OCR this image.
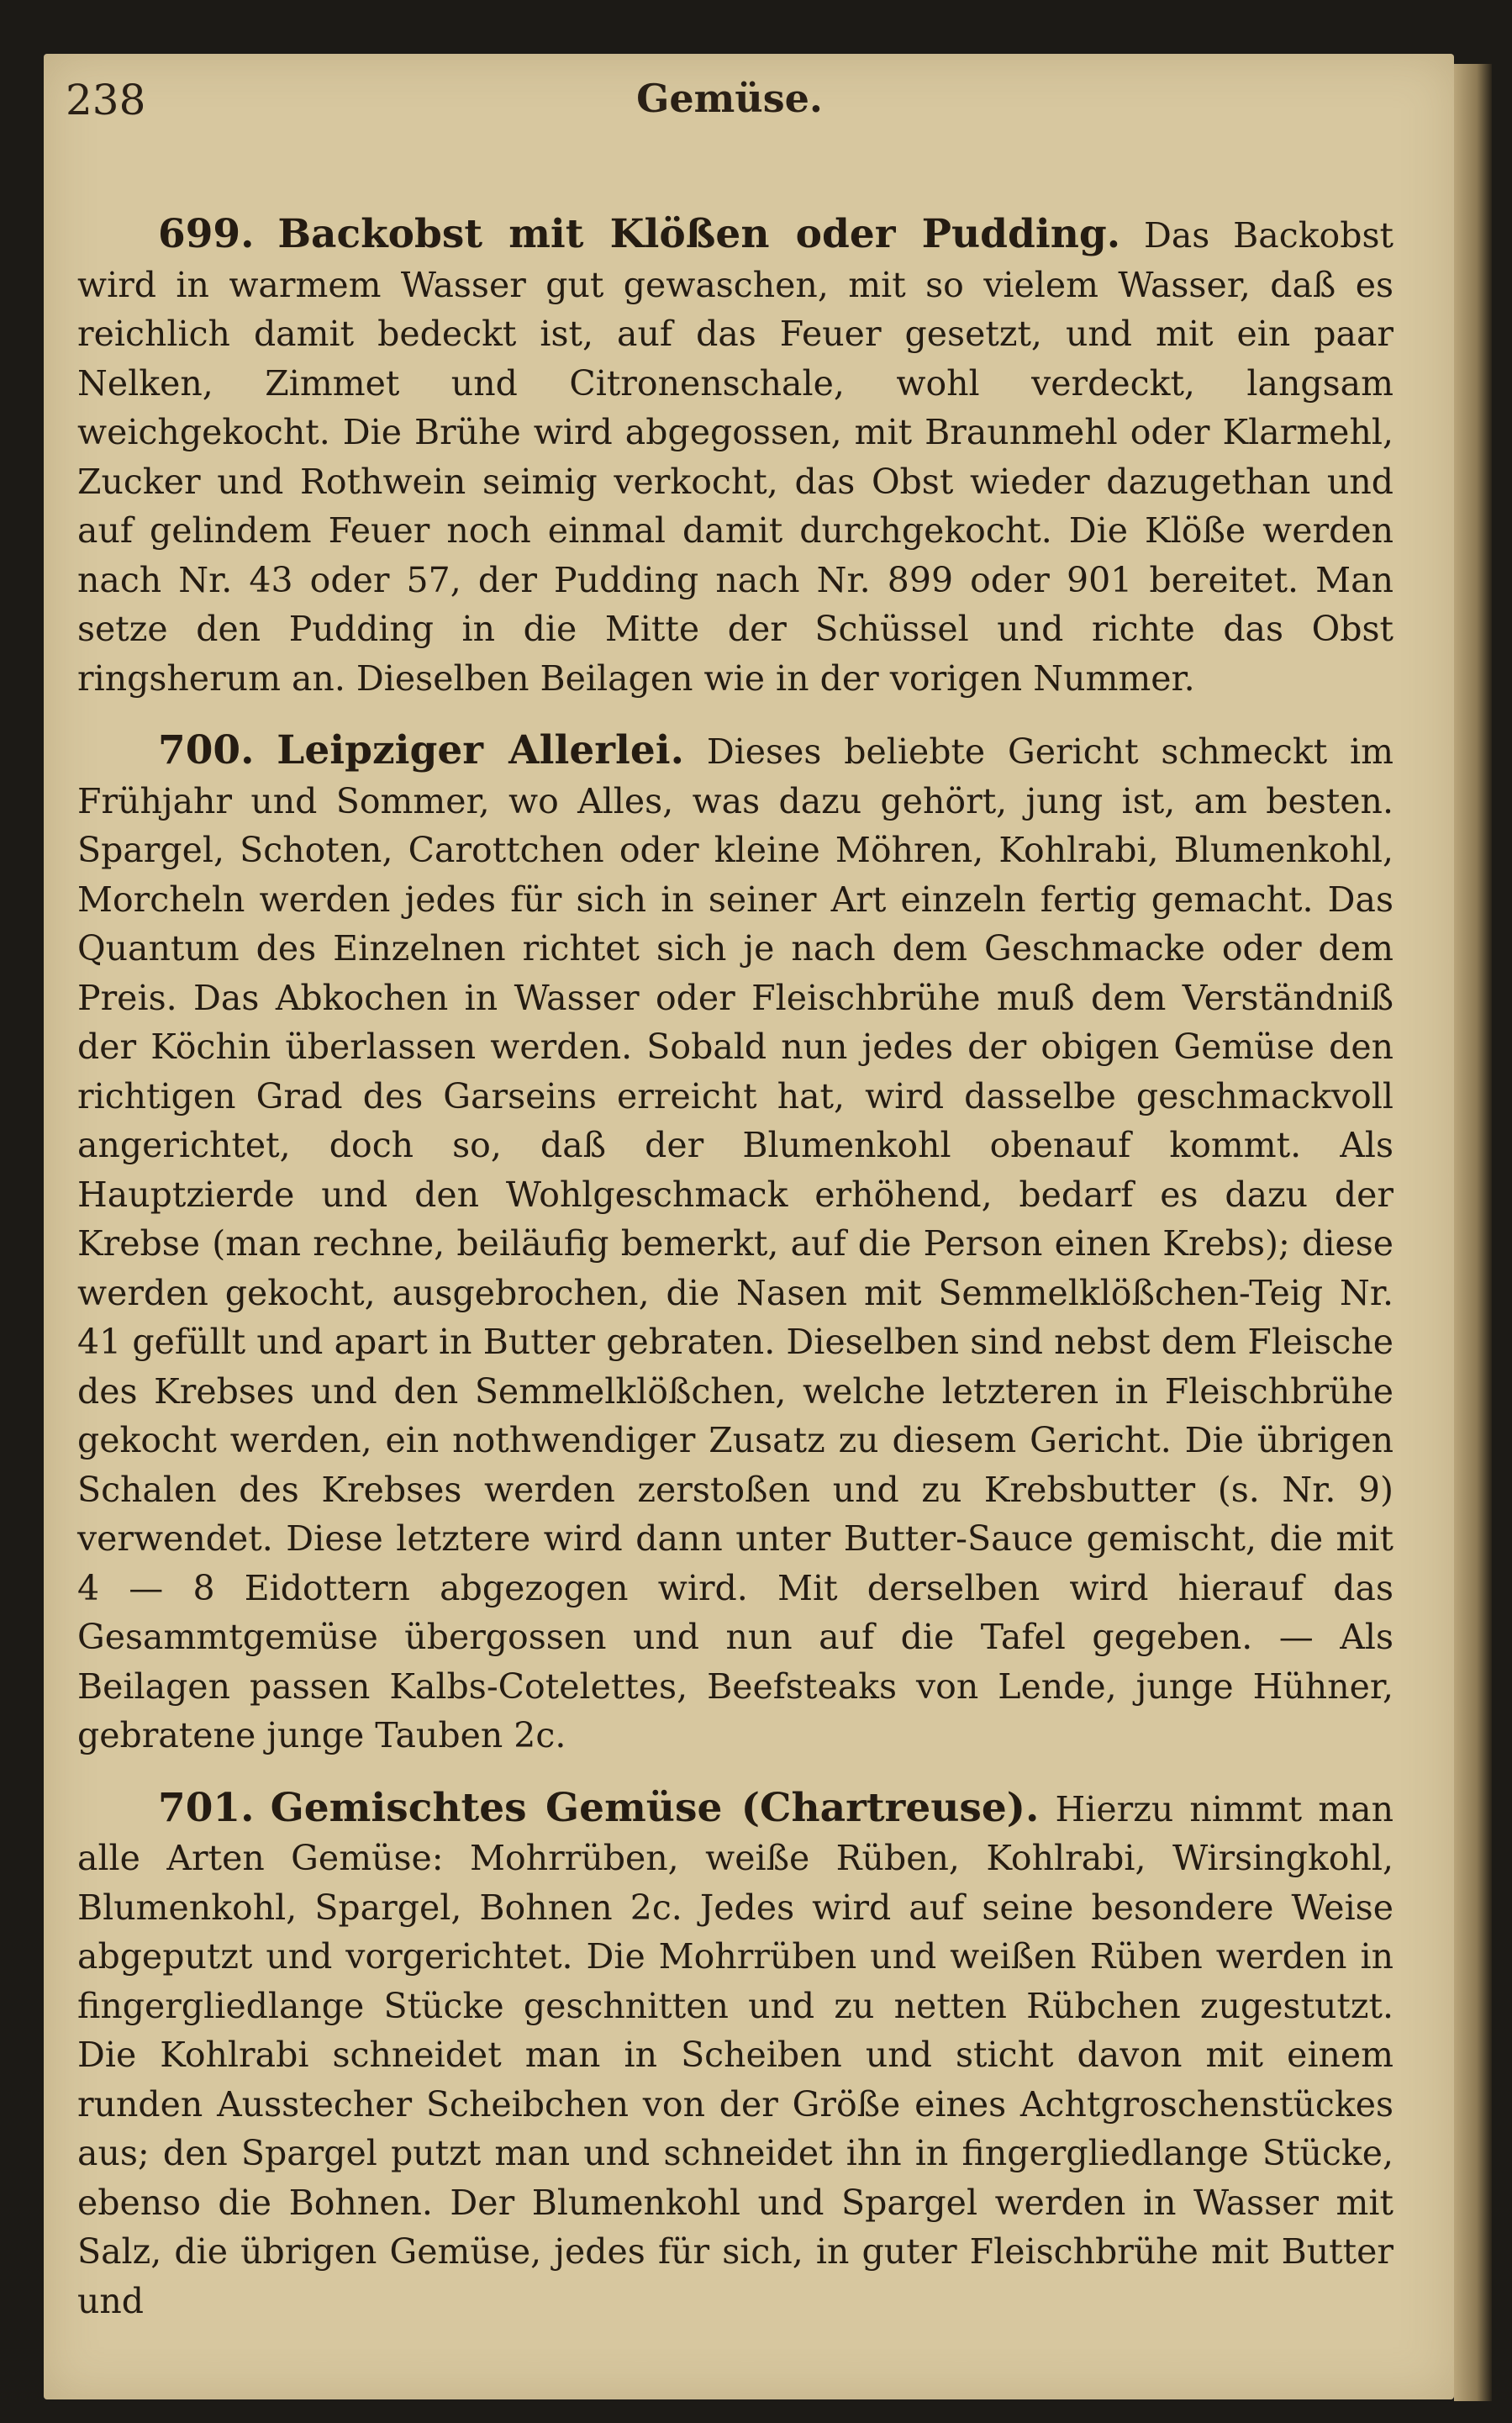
238	Gemüse.

699. Backobst mit Klößen oder Pudding. Das Backobst wird in warmem Wasser gut gewaschen, mit so vielem Wasser, daß es reichlich damit bedeckt ist, auf das Feuer gesetzt, und mit ein paar Nelken, Zimmet und Citronenschale, wohl verdeckt, langsam weichgekocht. Die Brühe wird abgegossen, mit Braunmehl oder Klarmehl, Zucker und Rothwein seimig verkocht, das Obst wieder dazugethan und auf gelindem Feuer noch einmal damit durchgekocht. Die Klöße werden nach Nr. 43 oder 57, der Pudding nach Nr. 899 oder 901 bereitet. Man setze den Pudding in die Mitte der Schüssel und richte das Obst ringsherum an. Dieselben Beilagen wie in der vorigen Nummer.

700. Leipziger Allerlei. Dieses beliebte Gericht schmeckt im Frühjahr und Sommer, wo Alles, was dazu gehört, jung ist, am besten. Spargel, Schoten, Carottchen oder kleine Möhren, Kohlrabi, Blumenkohl, Morcheln werden jedes für sich in seiner Art einzeln fertig gemacht. Das Quantum des Einzelnen richtet sich je nach dem Geschmacke oder dem Preis. Das Abkochen in Wasser oder Fleischbrühe muß dem Verständniß der Köchin überlassen werden. Sobald nun jedes der obigen Gemüse den richtigen Grad des Garseins erreicht hat, wird dasselbe geschmackvoll angerichtet, doch so, daß der Blumenkohl obenauf kommt. Als Hauptzierde und den Wohlgeschmack erhöhend, bedarf es dazu der Krebse (man rechne, beiläufig bemerkt, auf die Person einen Krebs); diese werden gekocht, ausgebrochen, die Nasen mit Semmelklößchen-Teig Nr. 41 gefüllt und apart in Butter gebraten. Dieselben sind nebst dem Fleische des Krebses und den Semmelklößchen, welche letzteren in Fleischbrühe gekocht werden, ein nothwendiger Zusatz zu diesem Gericht. Die übrigen Schalen des Krebses werden zerstoßen und zu Krebsbutter (s. Nr. 9) verwendet. Diese letztere wird dann unter Butter-Sauce gemischt, die mit 4 — 8 Eidottern abgezogen wird. Mit derselben wird hierauf das Gesammtgemüse übergossen und nun auf die Tafel gegeben. — Als Beilagen passen Kalbs-Cotelettes, Beefsteaks von Lende, junge Hühner, gebratene junge Tauben 2c.

701. Gemischtes Gemüse (Chartreuse). Hierzu nimmt man alle Arten Gemüse: Mohrrüben, weiße Rüben, Kohlrabi, Wirsingkohl, Blumenkohl, Spargel, Bohnen 2c. Jedes wird auf seine besondere Weise abgeputzt und vorgerichtet. Die Mohrrüben und weißen Rüben werden in fingergliedlange Stücke geschnitten und zu netten Rübchen zugestutzt. Die Kohlrabi schneidet man in Scheiben und sticht davon mit einem runden Ausstecher Scheibchen von der Größe eines Achtgroschenstückes aus; den Spargel putzt man und schneidet ihn in fingergliedlange Stücke, ebenso die Bohnen. Der Blumenkohl und Spargel werden in Wasser mit Salz, die übrigen Gemüse, jedes für sich, in guter Fleischbrühe mit Butter und
